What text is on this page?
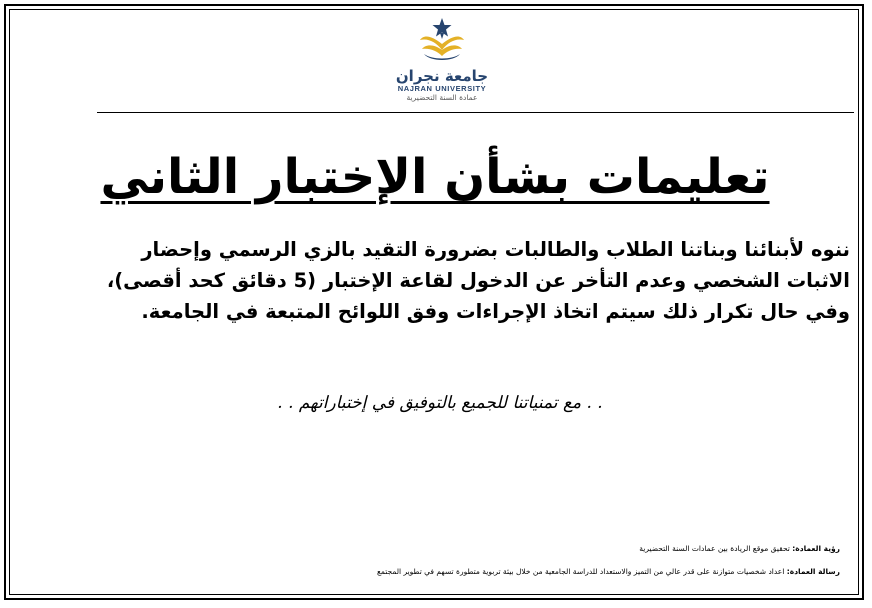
جامعة نجران
NAJRAN UNIVERSITY
عمادة السنة التحضيرية
تعليمات بشأن الإختبار الثاني
ننوه لأبنائنا وبناتنا الطلاب والطالبات بضرورة التقيد بالزي الرسمي وإحضار
الاثبات الشخصي وعدم التأخر عن الدخول لقاعة الإختبار (5 دقائق كحد أقصى)،
وفي حال تكرار ذلك سيتم اتخاذ الإجراءات وفق اللوائح المتبعة في الجامعة.
. . مع تمنياتنا للجميع بالتوفيق في إختباراتهم . .
رؤية العمادة: تحقيق موقع الريادة بين عمادات السنة التحضيرية
رسالة العمادة: اعداد شخصيات متوازنة على قدر عالي من التميز والاستعداد للدراسة الجامعية من خلال بيئة تربوية متطورة تسهم في تطوير المجتمع
